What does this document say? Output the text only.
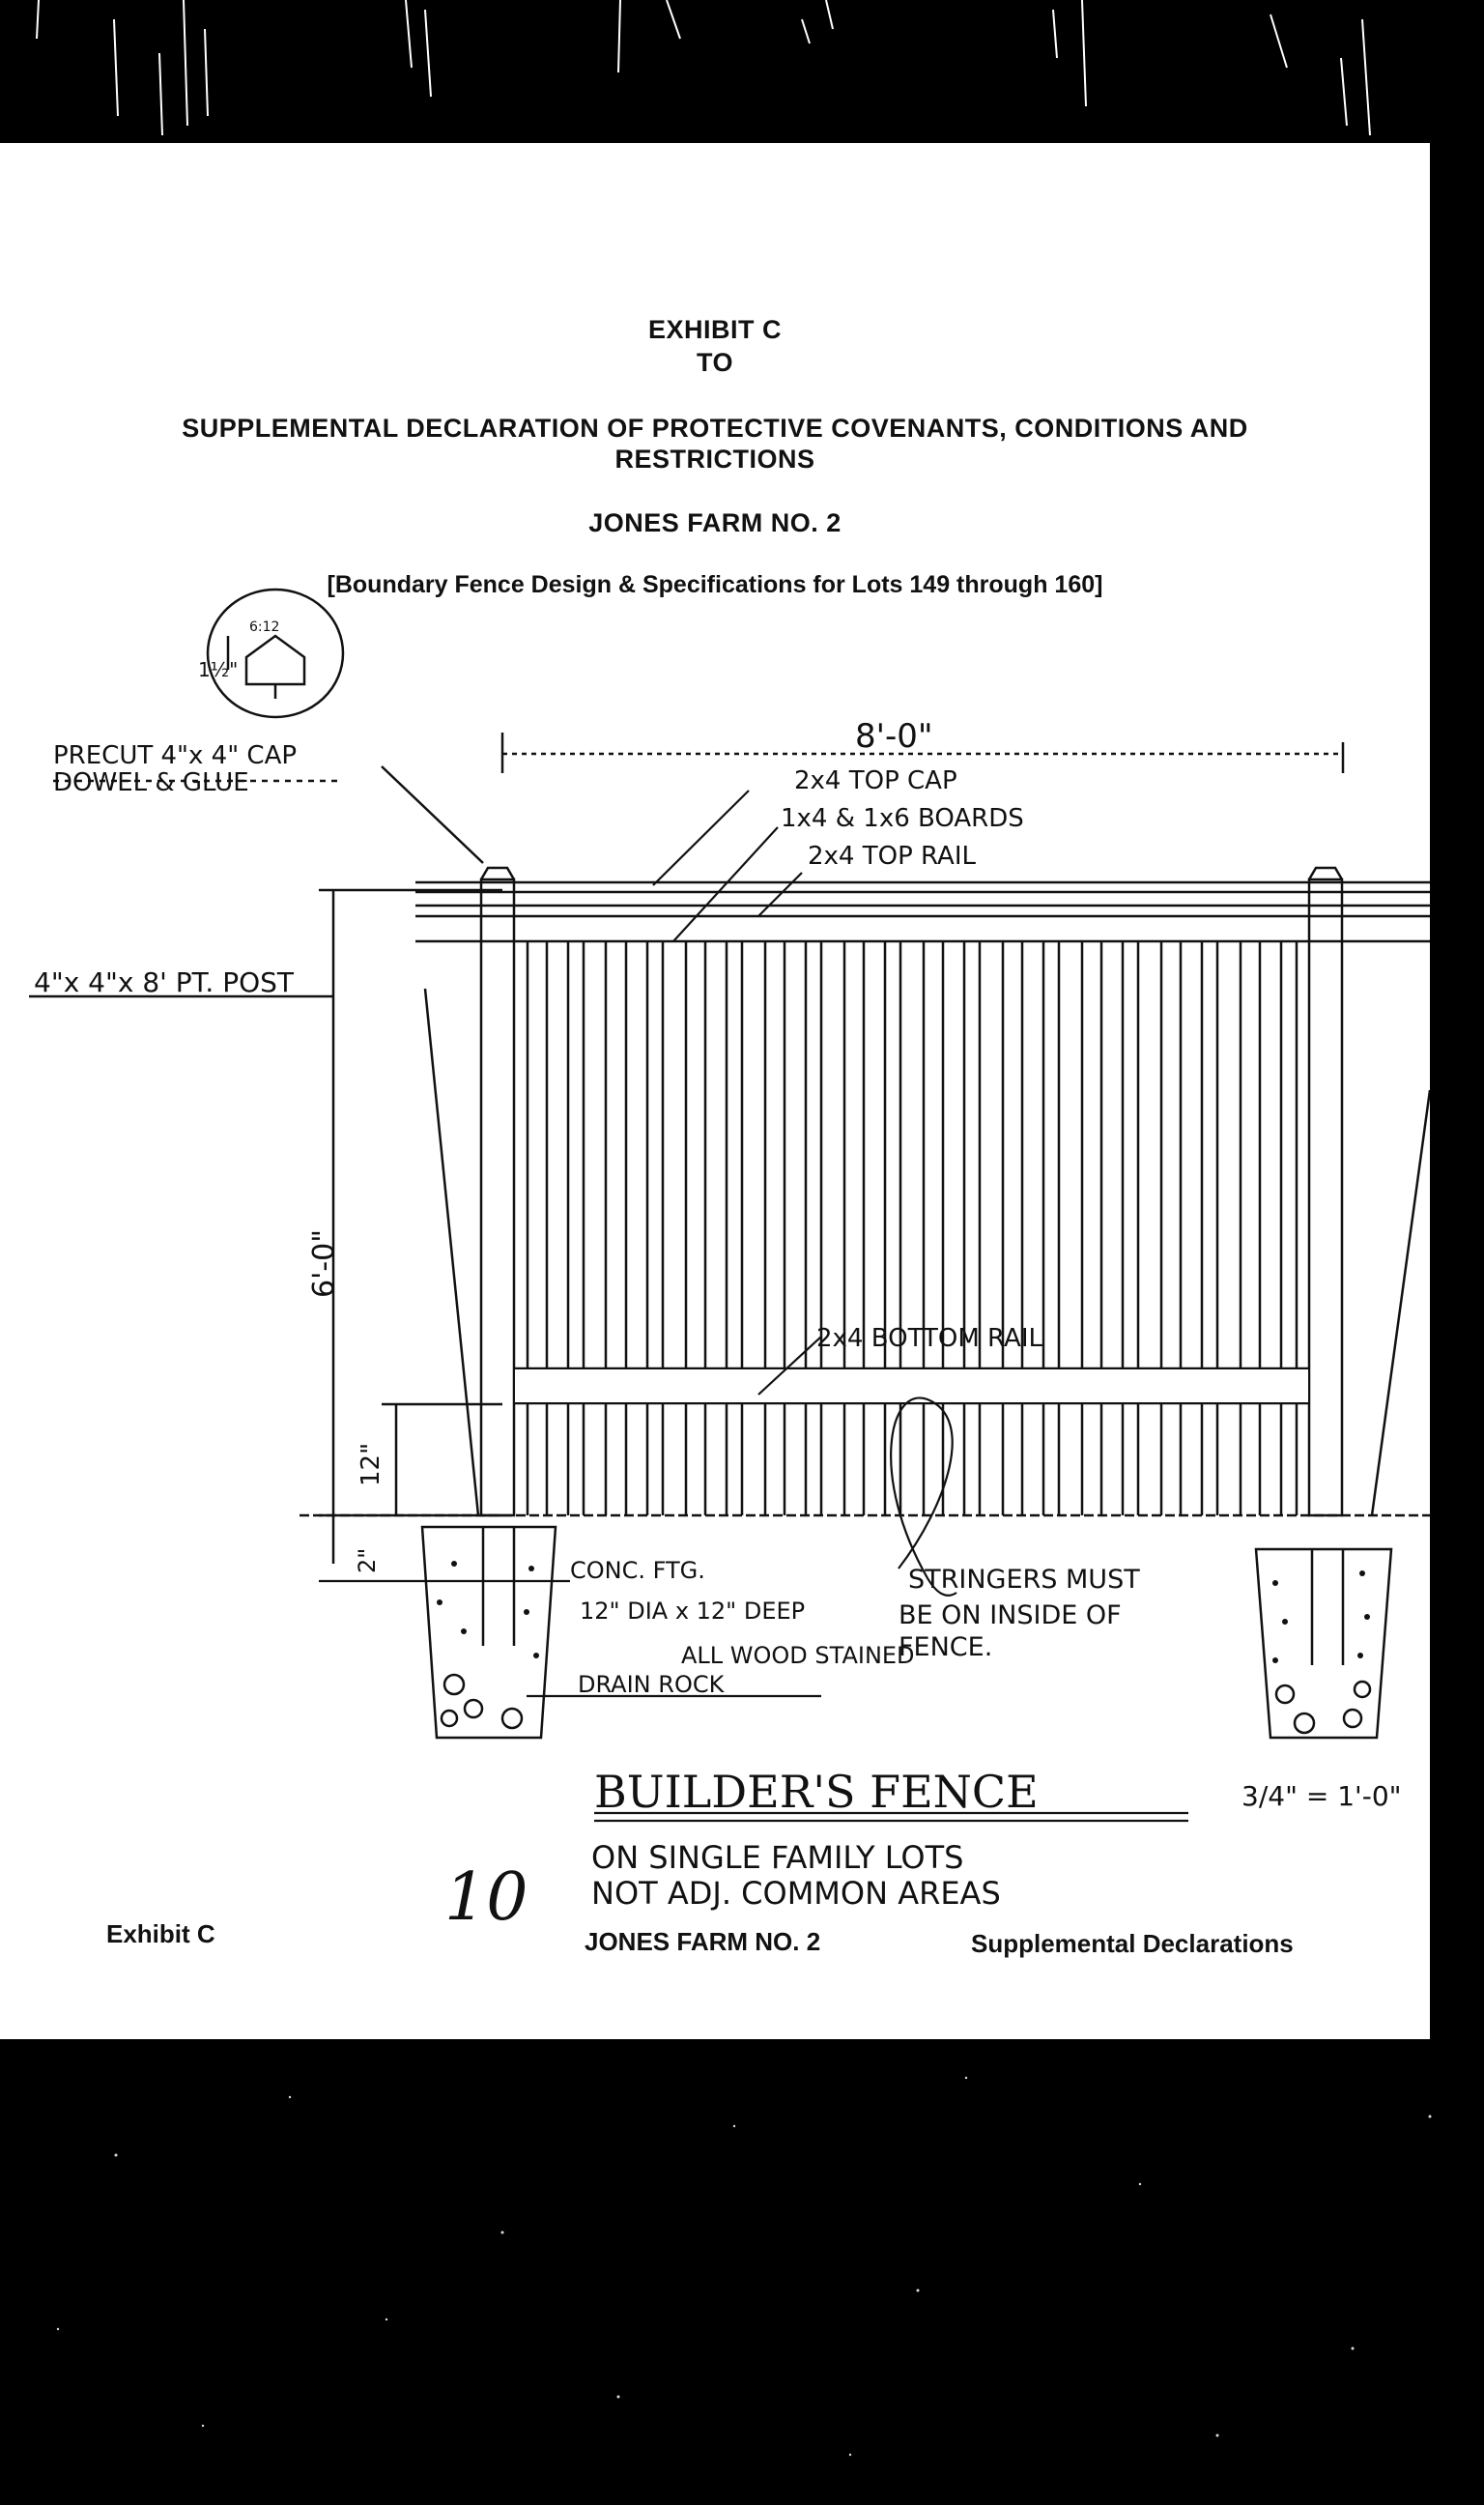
EXHIBIT C
TO
SUPPLEMENTAL DECLARATION OF PROTECTIVE COVENANTS, CONDITIONS AND
RESTRICTIONS
JONES FARM NO. 2
[Boundary Fence Design & Specifications for Lots 149 through 160]
1½"
6:12
PRECUT 4"x 4" CAP
DOWEL & GLUE
4"x 4"x 8' PT. POST
8'-0"
2x4 TOP CAP
1x4 & 1x6 BOARDS
2x4 TOP RAIL
2x4 BOTTOM RAIL
6'-0"
12"
2"	CONC. FTG.
12" DIA x 12" DEEP
ALL WOOD STAINED
DRAIN ROCK
STRINGERS MUST
BE ON INSIDE OF
FENCE.
BUILDER'S FENCE	3/4" = 1'-0"
ON SINGLE FAMILY LOTS
NOT ADJ. COMMON AREAS
10
Exhibit C	JONES FARM NO. 2	Supplemental Declarations
